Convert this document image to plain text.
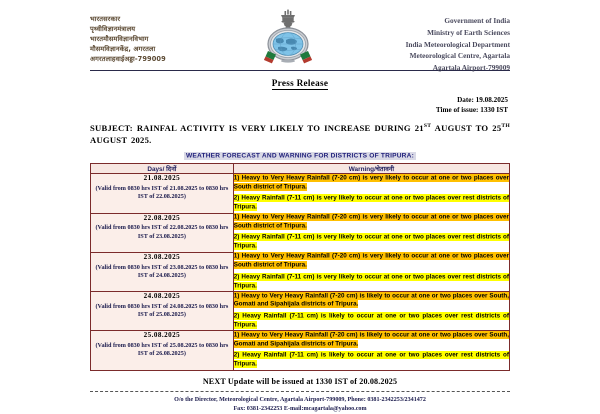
भारतसरकार
पृथ्वीविज्ञानमंत्रालय
भारतमौसमविज्ञानविभाग
मौसमविज्ञानकेंद्र, अगरतला
अगरतलाहवाईअड्डा-799009
Government of India
Ministry of Earth Sciences
India Meteorological Department
Meteorological Centre, Agartala
Agartala Airport-799009
Press Release
Date: 19.08.2025
Time of issue: 1330 IST
SUBJECT: RAINFAL ACTIVITY IS VERY LIKELY TO INCREASE DURING 21ST AUGUST TO 25TH AUGUST 2025.
WEATHER FORECAST AND WARNING FOR DISTRICTS OF TRIPURA:
Days/ दिनों	Warning/चेतावनी

21.08.2025
(Valid from 0830 hrs IST of 21.08.2025 to 0830 hrs IST of 22.08.2025)

1) Heavy to Very Heavy Rainfall (7-20 cm) is very likely to occur at one or two places over South district of Tripura.

2) Heavy Rainfall (7-11 cm) is very likely to occur at one or two places over rest districts of Tripura.

22.08.2025
(Valid from 0830 hrs IST of 22.08.2025 to 0830 hrs IST of 23.08.2025)

1) Heavy to Very Heavy Rainfall (7-20 cm) is very likely to occur at one or two places over South district of Tripura.

2) Heavy Rainfall (7-11 cm) is very likely to occur at one or two places over rest districts of Tripura.

23.08.2025
(Valid from 0830 hrs IST of 23.08.2025 to 0830 hrs IST of 24.08.2025)

1) Heavy to Very Heavy Rainfall (7-20 cm) is very likely to occur at one or two places over South district of Tripura.

2) Heavy Rainfall (7-11 cm) is very likely to occur at one or two places over rest districts of Tripura.

24.08.2025
(Valid from 0830 hrs IST of 24.08.2025 to 0830 hrs IST of 25.08.2025)

1) Heavy to Very Heavy Rainfall (7-20 cm) is likely to occur at one or two places over South, Gomati and Sipahijala districts of Tripura.

2) Heavy Rainfall (7-11 cm) is likely to occur at one or two places over rest districts of Tripura.

25.08.2025
(Valid from 0830 hrs IST of 25.08.2025 to 0830 hrs IST of 26.08.2025)

1) Heavy to Very Heavy Rainfall (7-20 cm) is likely to occur at one or two places over South, Gomati and Sipahijala districts of Tripura.

2) Heavy Rainfall (7-11 cm) is likely to occur at one or two places over rest districts of Tripura.

NEXT Update will be issued at 1330 IST of 20.08.2025
O/o the Director, Meteorological Centre, Agartala Airport-799009, Phone: 0381-2342253/2341472
Fax: 0381-2342253 E-mail:mcagartala@yahoo.com
